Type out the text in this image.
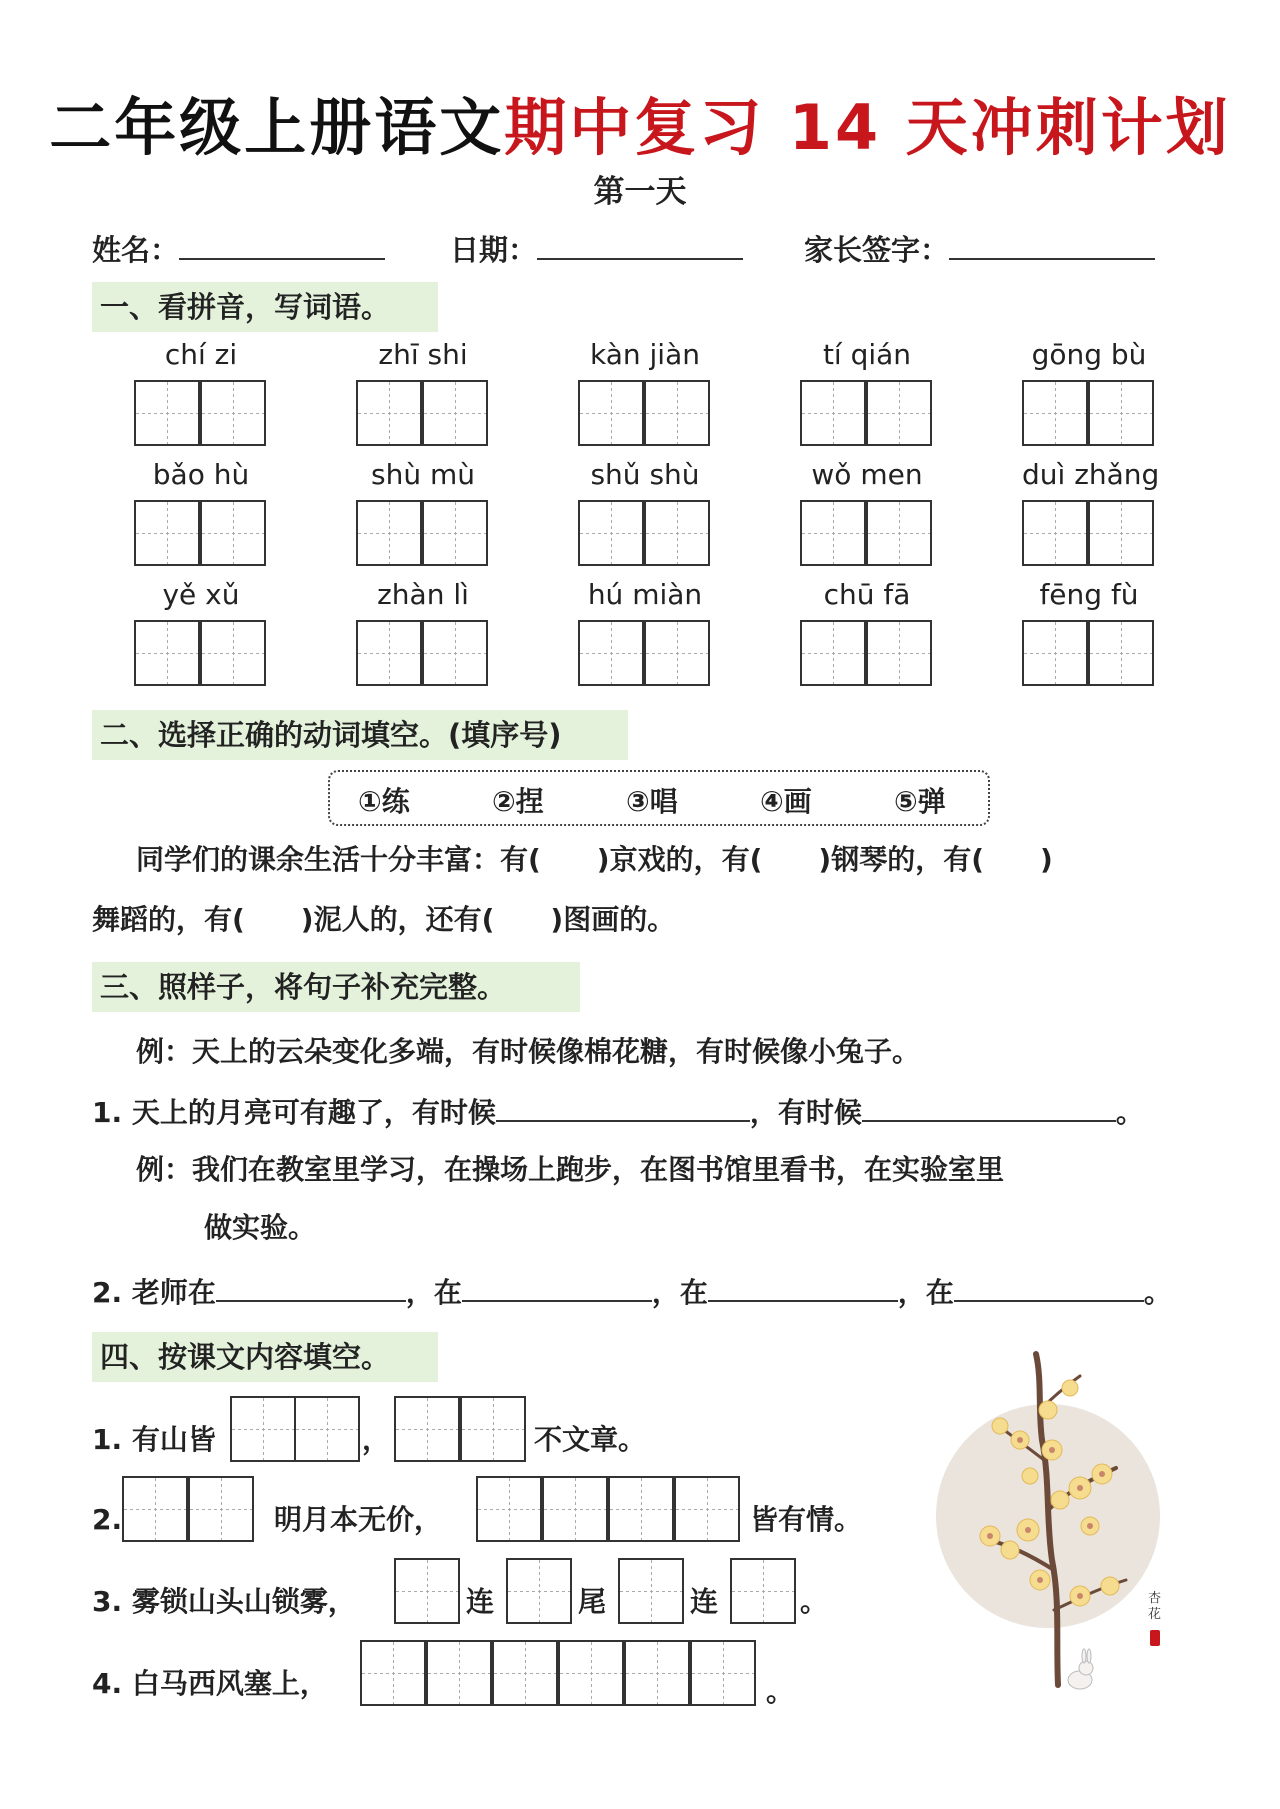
二年级上册语文期中复习 14 天冲刺计划
第一天
姓名：	日期：	家长签字：
一、看拼音，写词语。
chí zi	zhī shi	kàn jiàn	tí qián	gōng bù
bǎo hù	shù mù	shǔ shù	wǒ men	duì zhǎng
yě xǔ	zhàn lì	hú miàn	chū fā	fēng fù
二、选择正确的动词填空。(填序号)
①练	②捏	③唱	④画	⑤弹
同学们的课余生活十分丰富：有(　　)京戏的，有(　　)钢琴的，有(　　)
舞蹈的，有(　　)泥人的，还有(　　)图画的。
三、照样子，将句子补充完整。
例：天上的云朵变化多端，有时候像棉花糖，有时候像小兔子。
1. 天上的月亮可有趣了，有时候	，有时候	。
例：我们在教室里学习，在操场上跑步，在图书馆里看书，在实验室里
做实验。
2. 老师在	，在	，在	，在	。
四、按课文内容填空。
1. 有山皆	，	不文章。
2.	明月本无价，	皆有情。
3. 雾锁山头山锁雾，	连	尾	连	。
4. 白马西风塞上，	。
杏 花
